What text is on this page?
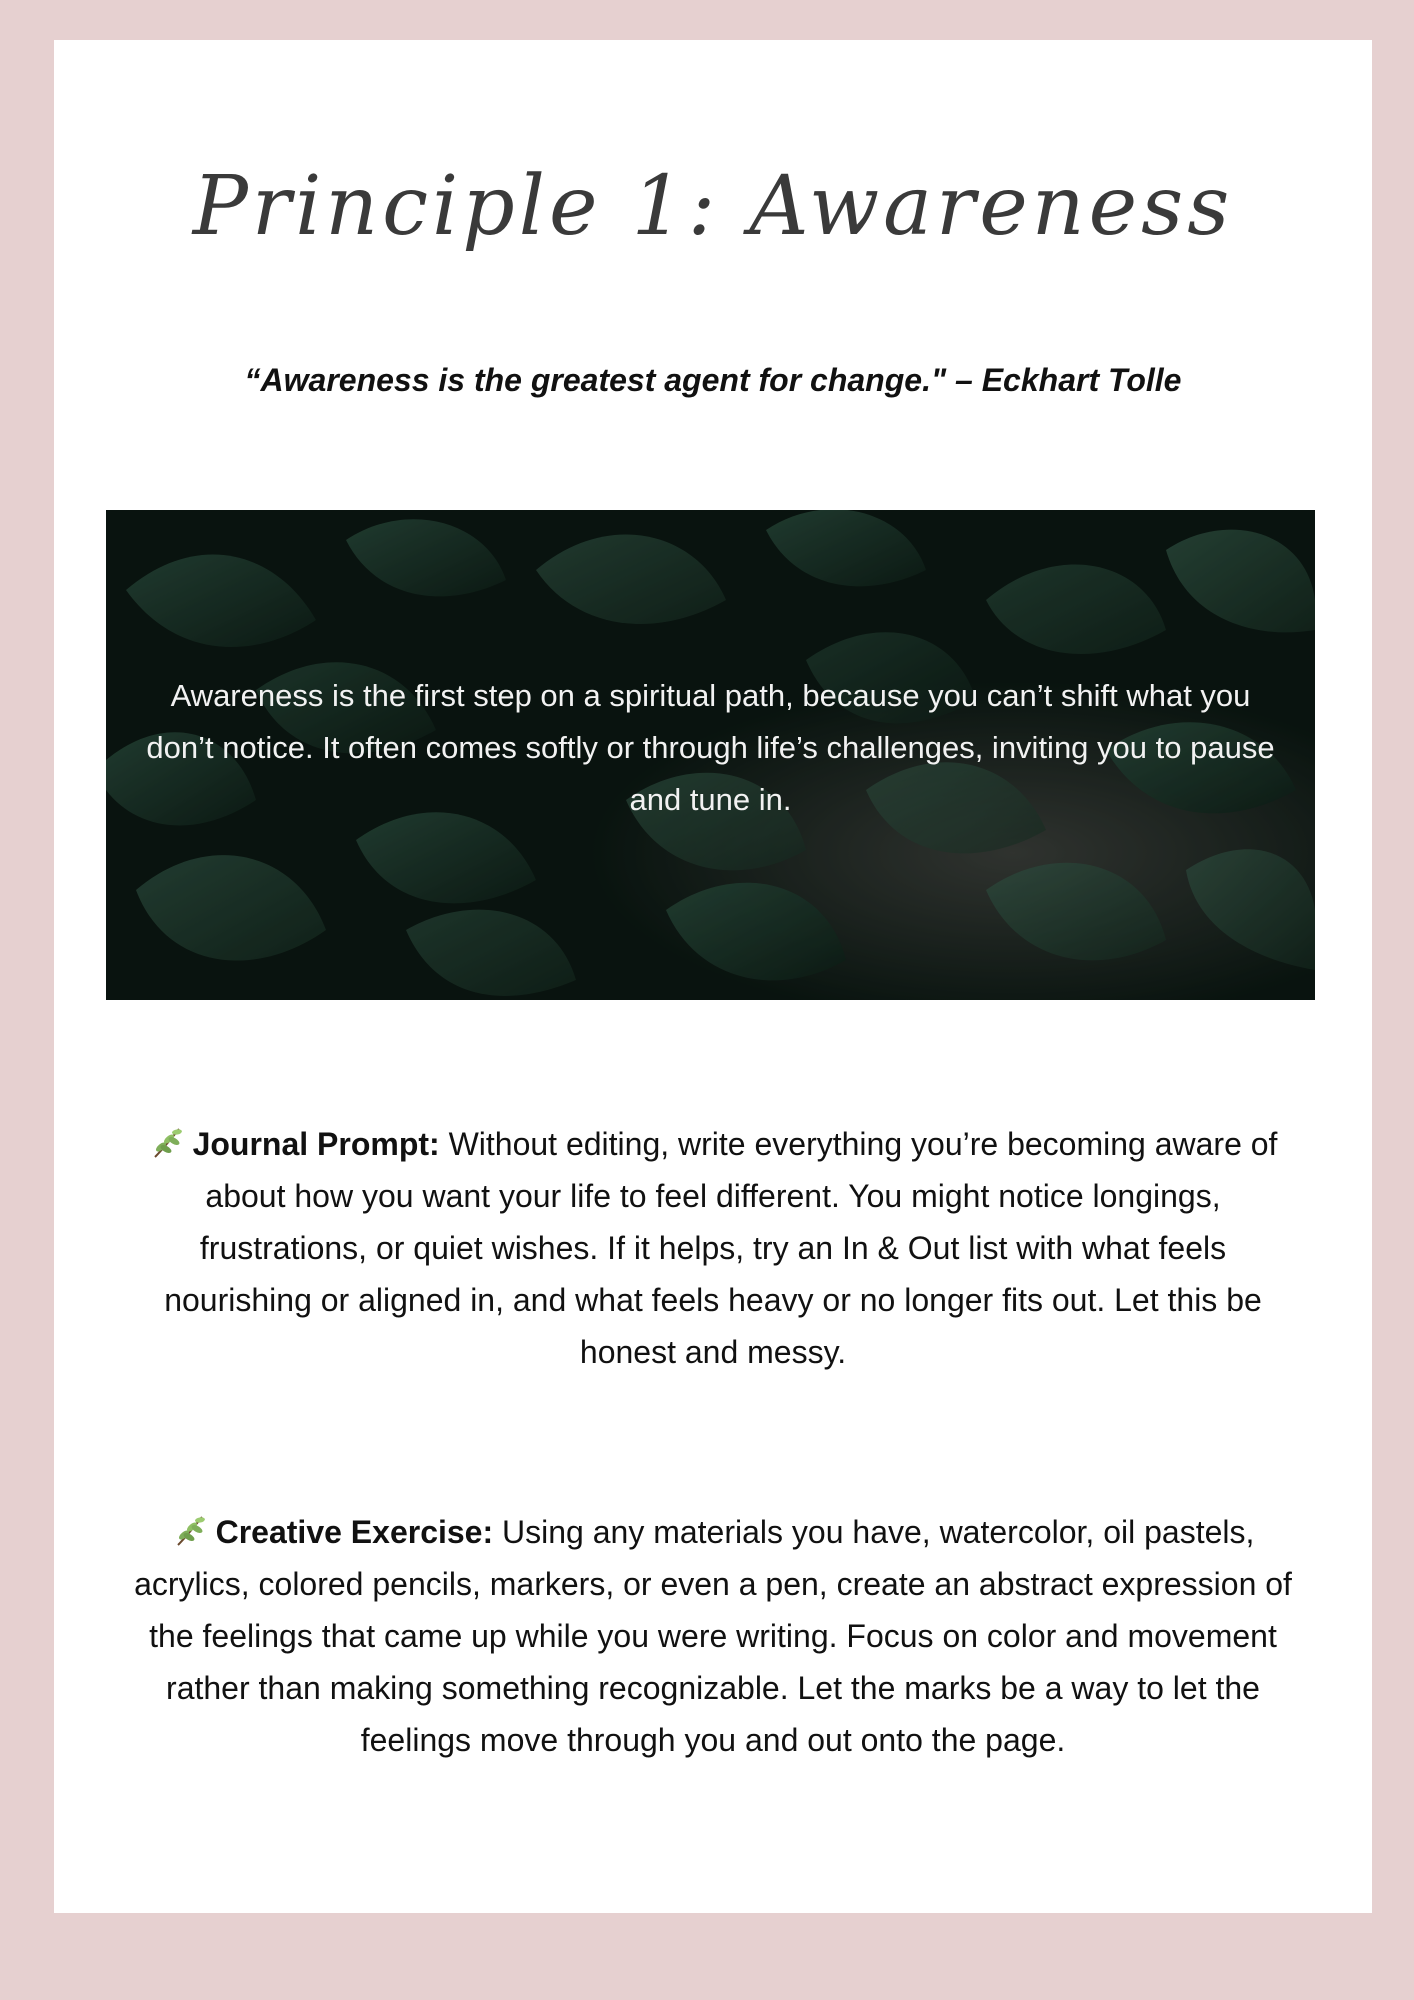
Principle 1: Awareness

“Awareness is the greatest agent for change." – Eckhart Tolle

Awareness is the first step on a spiritual path, because you can’t shift what you don’t notice. It often comes softly or through life’s challenges, inviting you to pause and tune in.

Journal Prompt: Without editing, write everything you’re becoming aware of about how you want your life to feel different. You might notice longings, frustrations, or quiet wishes. If it helps, try an In & Out list with what feels nourishing or aligned in, and what feels heavy or no longer fits out. Let this be honest and messy.

Creative Exercise: Using any materials you have, watercolor, oil pastels, acrylics, colored pencils, markers, or even a pen, create an abstract expression of the feelings that came up while you were writing. Focus on color and movement rather than making something recognizable. Let the marks be a way to let the feelings move through you and out onto the page.
